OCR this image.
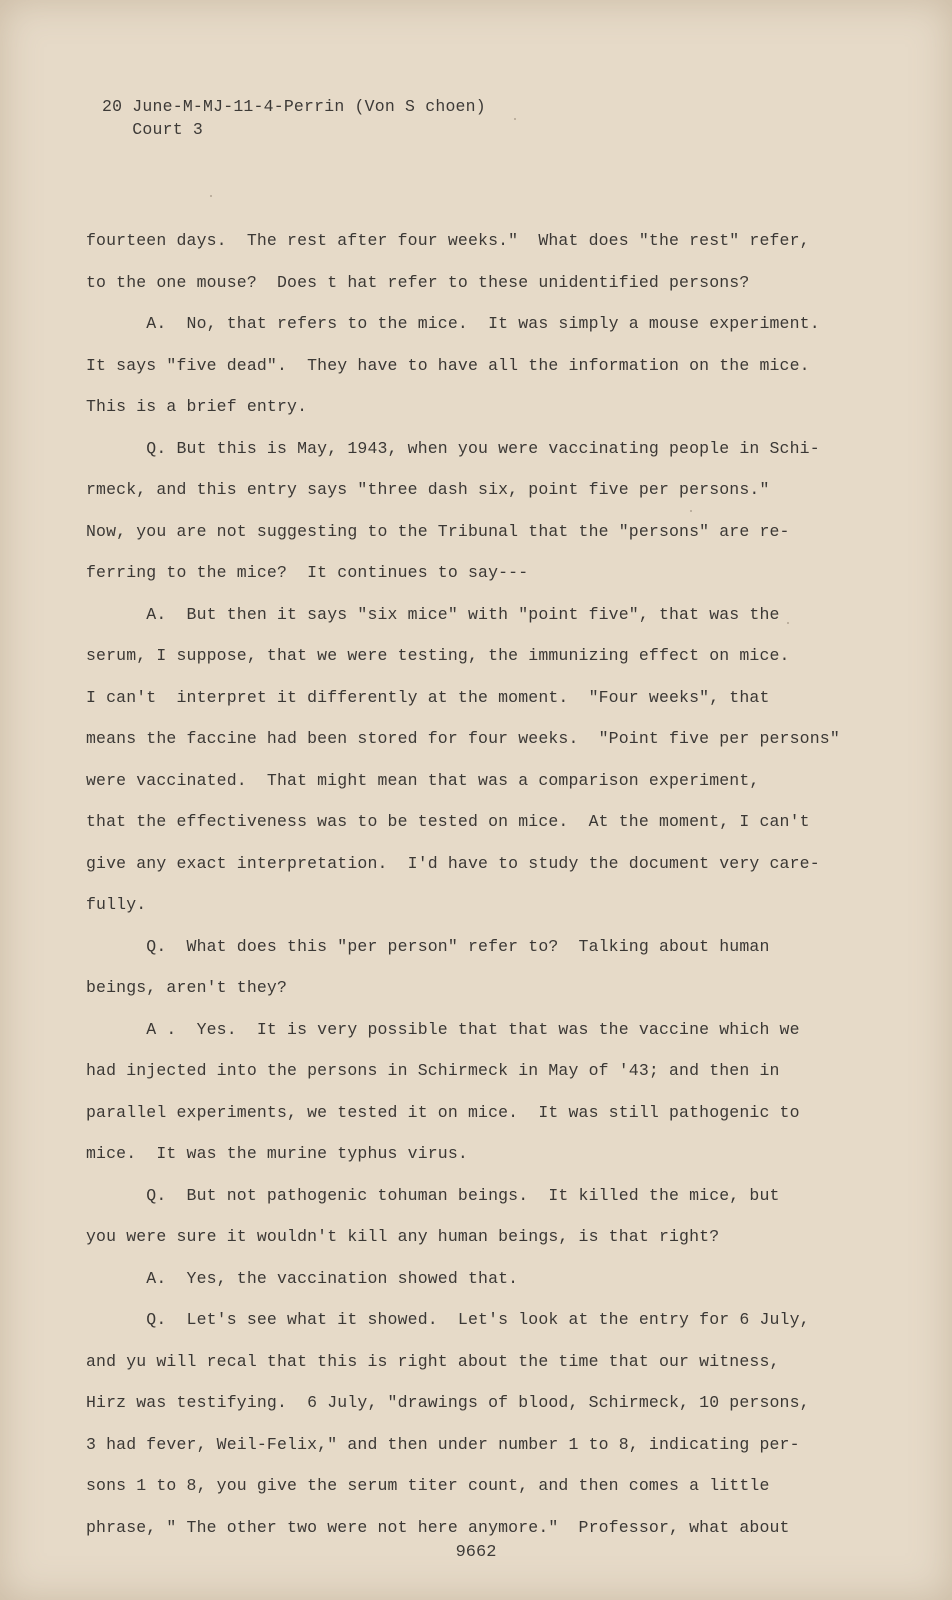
20 June-M-MJ-11-4-Perrin (Von S choen)
Court 3
fourteen days.  The rest after four weeks."  What does "the rest" refer,
to the one mouse?  Does t hat refer to these unidentified persons?
A.  No, that refers to the mice.  It was simply a mouse experiment.
It says "five dead".  They have to have all the information on the mice.
This is a brief entry.
Q. But this is May, 1943, when you were vaccinating people in Schi-
rmeck, and this entry says "three dash six, point five per persons."
Now, you are not suggesting to the Tribunal that the "persons" are re-
ferring to the mice?  It continues to say---
A.  But then it says "six mice" with "point five", that was the
serum, I suppose, that we were testing, the immunizing effect on mice.
I can't  interpret it differently at the moment.  "Four weeks", that
means the faccine had been stored for four weeks.  "Point five per persons"
were vaccinated.  That might mean that was a comparison experiment,
that the effectiveness was to be tested on mice.  At the moment, I can't
give any exact interpretation.  I'd have to study the document very care-
fully.
Q.  What does this "per person" refer to?  Talking about human
beings, aren't they?
A .  Yes.  It is very possible that that was the vaccine which we
had injected into the persons in Schirmeck in May of '43; and then in
parallel experiments, we tested it on mice.  It was still pathogenic to
mice.  It was the murine typhus virus.
Q.  But not pathogenic tohuman beings.  It killed the mice, but
you were sure it wouldn't kill any human beings, is that right?
A.  Yes, the vaccination showed that.
Q.  Let's see what it showed.  Let's look at the entry for 6 July,
and yu will recal that this is right about the time that our witness,
Hirz was testifying.  6 July, "drawings of blood, Schirmeck, 10 persons,
3 had fever, Weil-Felix," and then under number 1 to 8, indicating per-
sons 1 to 8, you give the serum titer count, and then comes a little
phrase, " The other two were not here anymore."  Professor, what about
9662
